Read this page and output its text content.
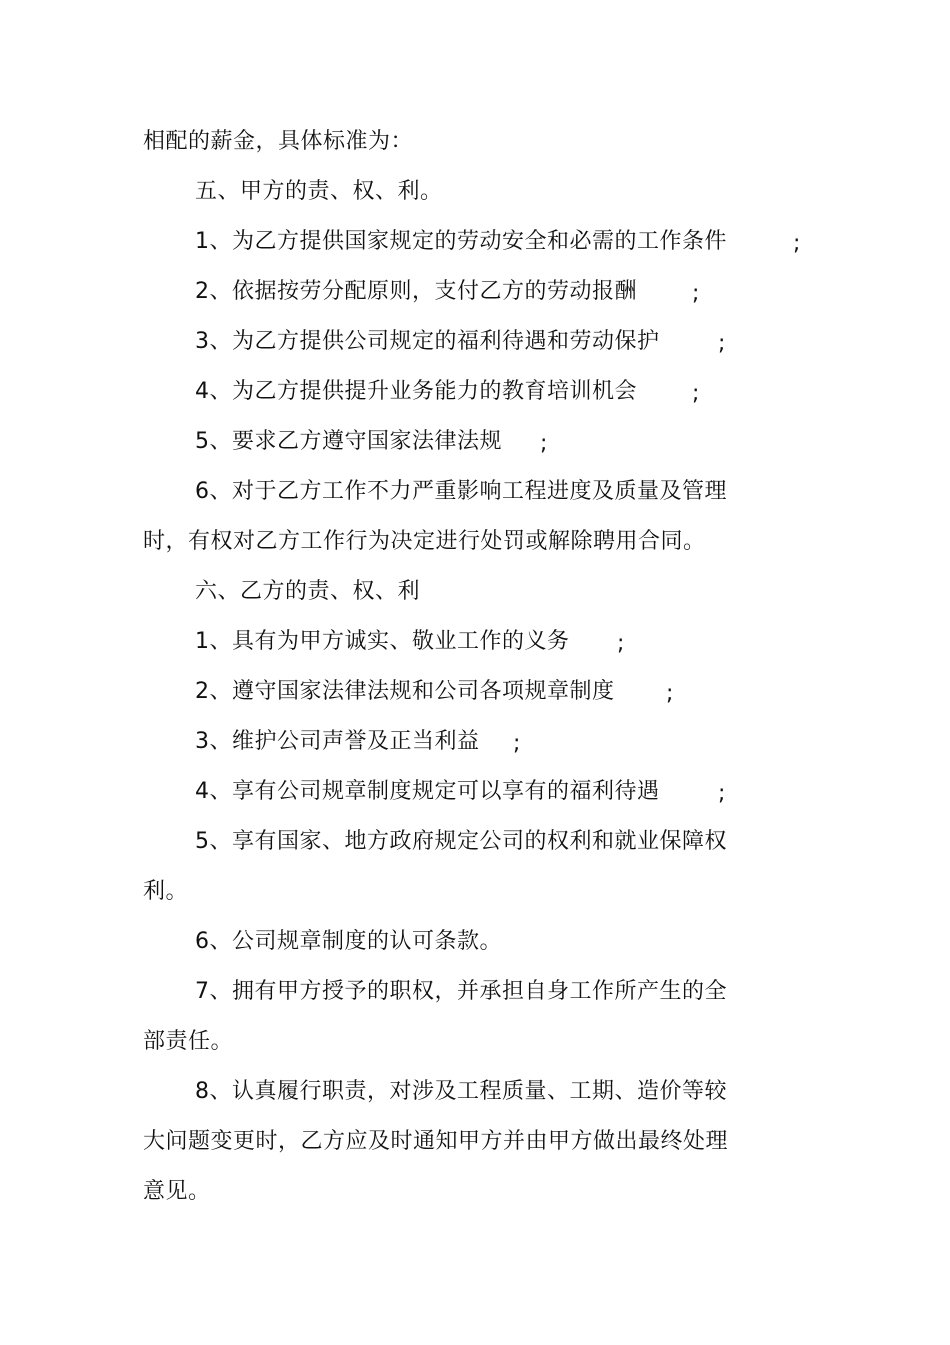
相配的薪金，具体标准为：
五、甲方的责、权、利。
1、为乙方提供国家规定的劳动安全和必需的工作条件	;
2、依据按劳分配原则，支付乙方的劳动报酬	;
3、为乙方提供公司规定的福利待遇和劳动保护	;
4、为乙方提供提升业务能力的教育培训机会	;
5、要求乙方遵守国家法律法规 ;
6、对于乙方工作不力严重影响工程进度及质量及管理
时，有权对乙方工作行为决定进行处罚或解除聘用合同。
六、乙方的责、权、利
1、具有为甲方诚实、敬业工作的义务 ;
2、遵守国家法律法规和公司各项规章制度 ;
3、维护公司声誉及正当利益 ;
4、享有公司规章制度规定可以享有的福利待遇	;
5、享有国家、地方政府规定公司的权利和就业保障权
利。
6、公司规章制度的认可条款。
7、拥有甲方授予的职权，并承担自身工作所产生的全
部责任。
8、认真履行职责，对涉及工程质量、工期、造价等较
大问题变更时，乙方应及时通知甲方并由甲方做出最终处理
意见。
